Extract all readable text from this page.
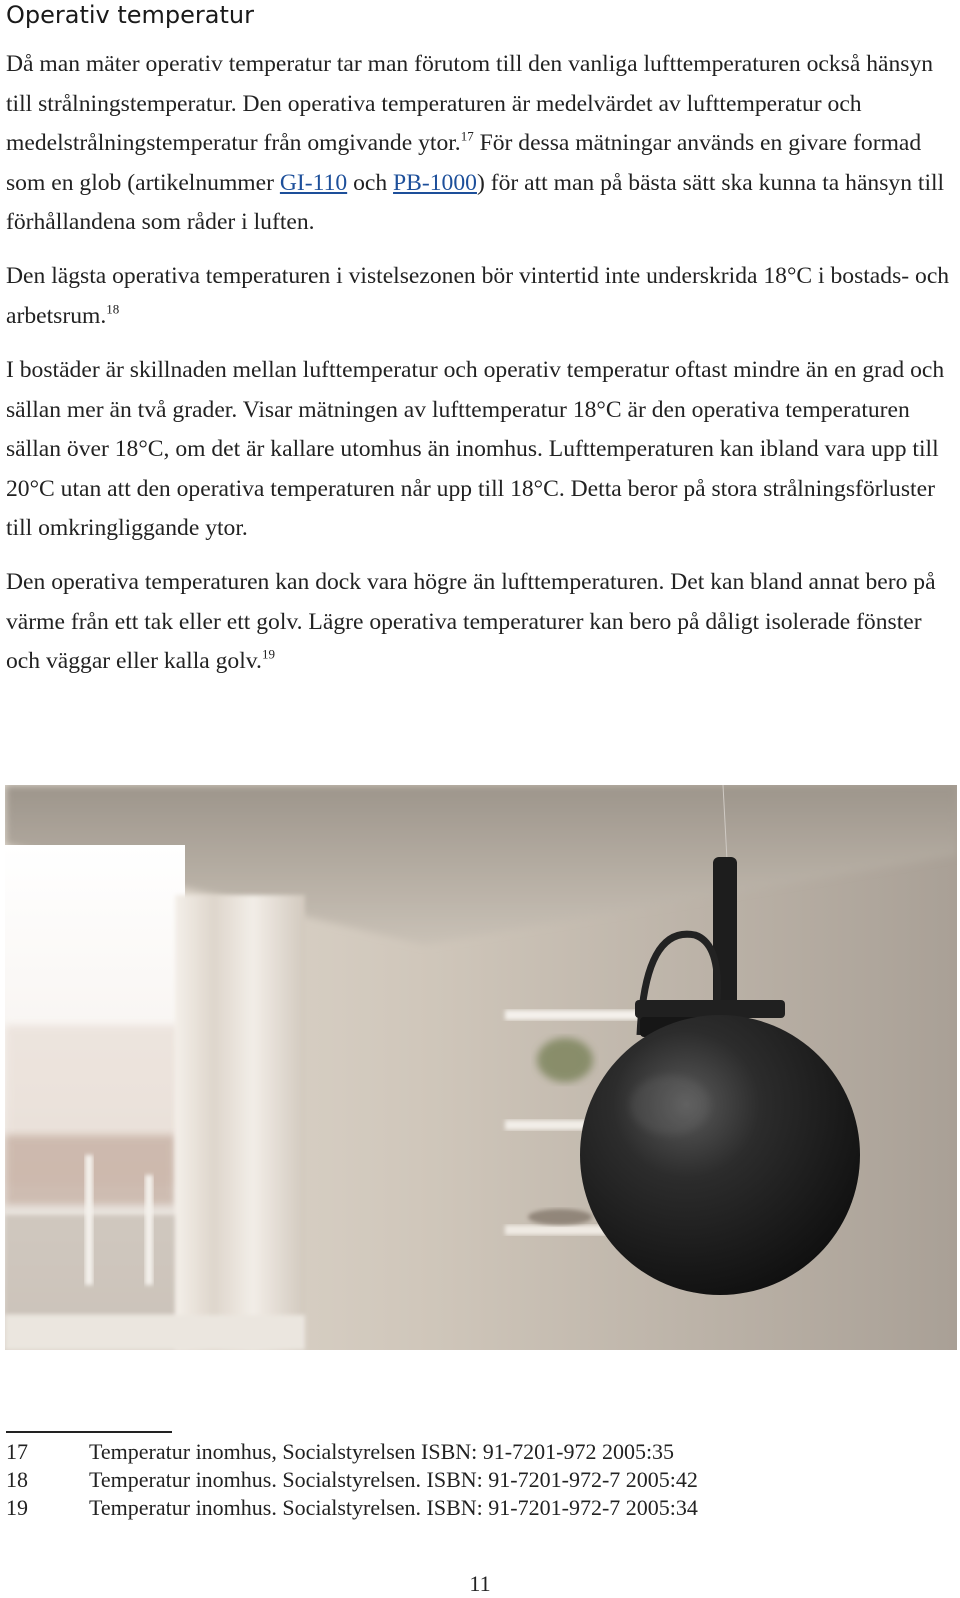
Operativ temperatur

Då man mäter operativ temperatur tar man förutom till den vanliga lufttemperaturen också hänsyn till strålningstemperatur. Den operativa temperaturen är medelvärdet av lufttemperatur och medelstrålningstemperatur från omgivande ytor.$^{17}$ För dessa mätningar används en givare formad som en glob (artikelnummer GI-110 och PB-1000) för att man på bästa sätt ska kunna ta hänsyn till förhållandena som råder i luften.

Den lägsta operativa temperaturen i vistelsezonen bör vintertid inte underskrida 18°C i bostads- och arbetsrum.$^{18}$

I bostäder är skillnaden mellan lufttemperatur och operativ temperatur oftast mindre än en grad och sällan mer än två grader. Visar mätningen av lufttemperatur 18°C är den operativa temperaturen sällan över 18°C, om det är kallare utomhus än inomhus. Lufttemperaturen kan ibland vara upp till 20°C utan att den operativa temperaturen når upp till 18°C. Detta beror på stora strålningsförluster till omkringliggande ytor.

Den operativa temperaturen kan dock vara högre än lufttemperaturen. Det kan bland annat bero på värme från ett tak eller ett golv. Lägre operativa temperaturer kan bero på dåligt isolerade fönster och väggar eller kalla golv.$^{19}$

17	Temperatur inomhus, Socialstyrelsen ISBN: 91-7201-972 2005:35
18	Temperatur inomhus. Socialstyrelsen. ISBN: 91-7201-972-7 2005:42
19	Temperatur inomhus. Socialstyrelsen. ISBN: 91-7201-972-7 2005:34
11
